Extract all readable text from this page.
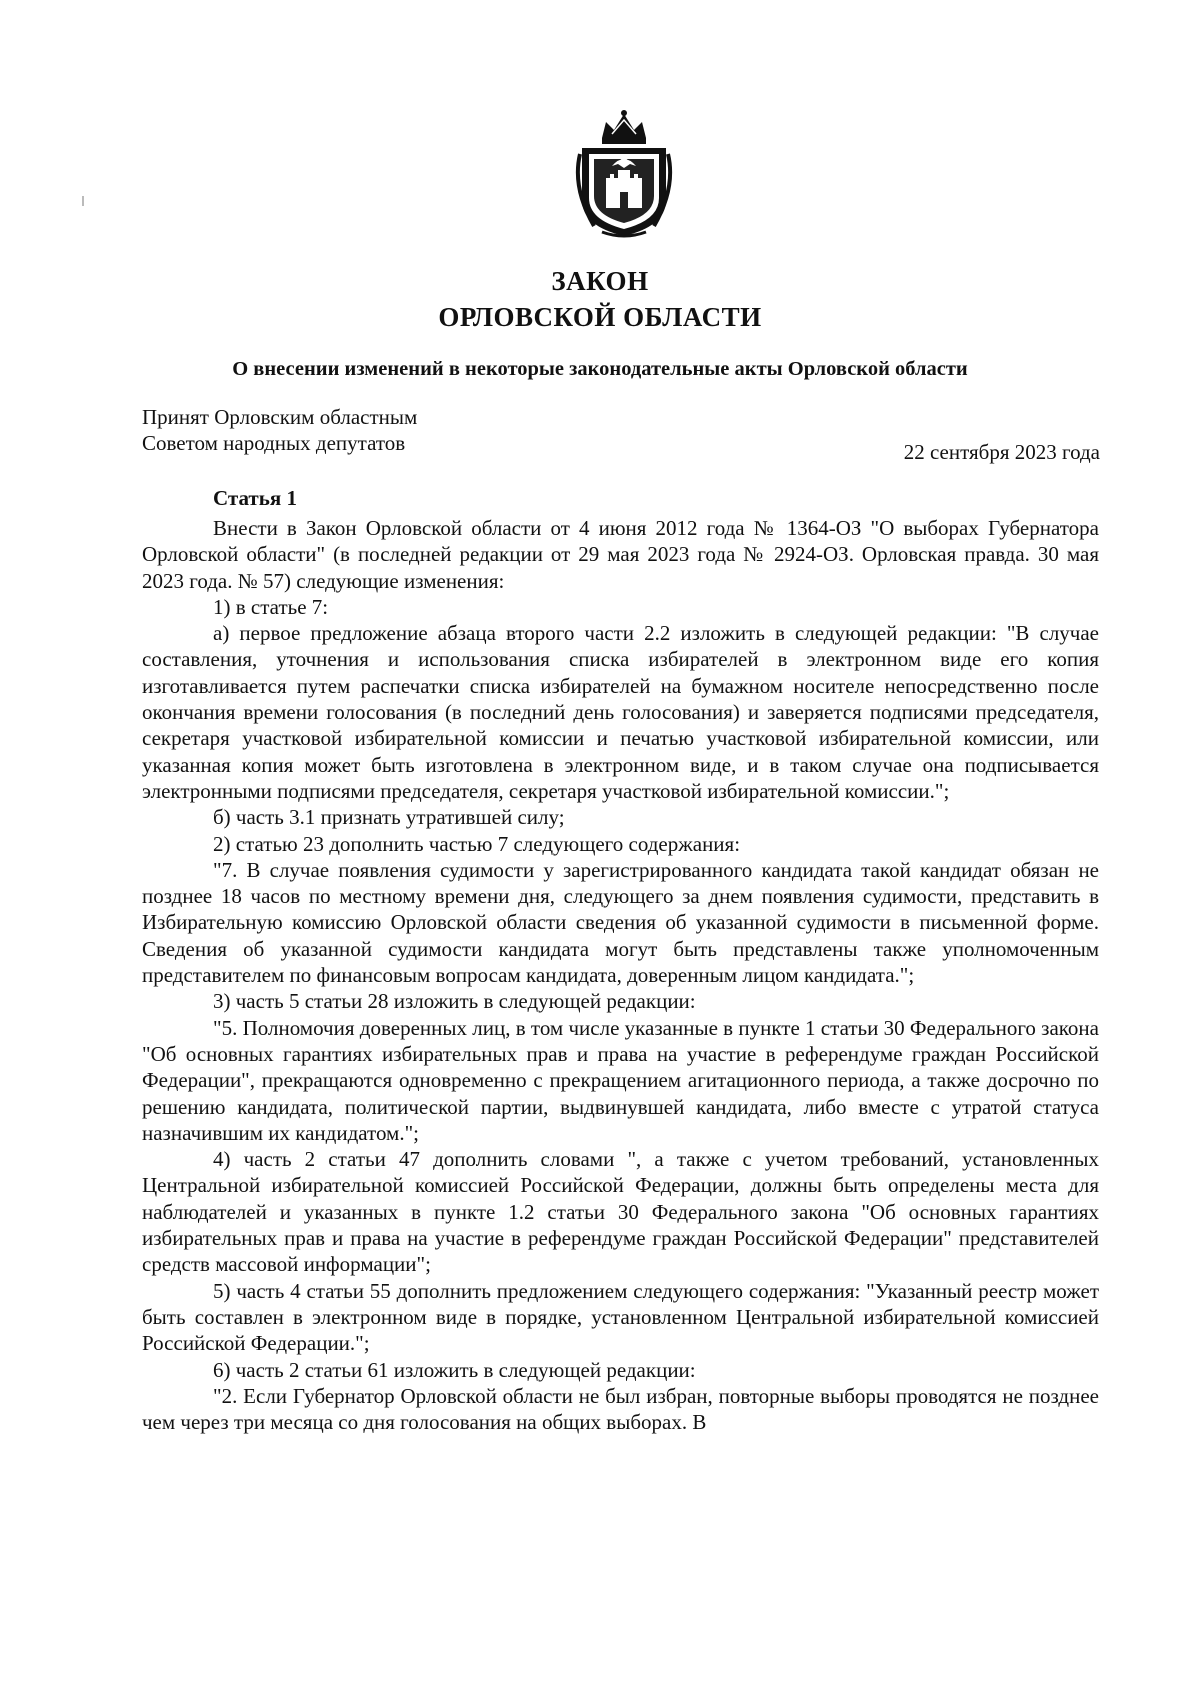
ЗАКОН
ОРЛОВСКОЙ ОБЛАСТИ
О внесении изменений в некоторые законодательные акты Орловской области
Принят Орловским областным
Советом народных депутатов	22 сентября 2023 года
Статья 1

Внести в Закон Орловской области от 4 июня 2012 года № 1364-ОЗ "О выборах Губернатора Орловской области" (в последней редакции от 29 мая 2023 года № 2924-ОЗ. Орловская правда. 30 мая 2023 года. № 57) следующие изменения:

1) в статье 7:

а) первое предложение абзаца второго части 2.2 изложить в следующей редакции: "В случае составления, уточнения и использования списка избирателей в электронном виде его копия изготавливается путем распечатки списка избирателей на бумажном носителе непосредственно после окончания времени голосования (в последний день голосования) и заверяется подписями председателя, секретаря участковой избирательной комиссии и печатью участковой избирательной комиссии, или указанная копия может быть изготовлена в электронном виде, и в таком случае она подписывается электронными подписями председателя, секретаря участковой избирательной комиссии.";

б) часть 3.1 признать утратившей силу;

2) статью 23 дополнить частью 7 следующего содержания:

"7. В случае появления судимости у зарегистрированного кандидата такой кандидат обязан не позднее 18 часов по местному времени дня, следующего за днем появления судимости, представить в Избирательную комиссию Орловской области сведения об указанной судимости в письменной форме. Сведения об указанной судимости кандидата могут быть представлены также уполномоченным представителем по финансовым вопросам кандидата, доверенным лицом кандидата.";

3) часть 5 статьи 28 изложить в следующей редакции:

"5. Полномочия доверенных лиц, в том числе указанные в пункте 1 статьи 30 Федерального закона "Об основных гарантиях избирательных прав и права на участие в референдуме граждан Российской Федерации", прекращаются одновременно с прекращением агитационного периода, а также досрочно по решению кандидата, политической партии, выдвинувшей кандидата, либо вместе с утратой статуса назначившим их кандидатом.";

4) часть 2 статьи 47 дополнить словами ", а также с учетом требований, установленных Центральной избирательной комиссией Российской Федерации, должны быть определены места для наблюдателей и указанных в пункте 1.2 статьи 30 Федерального закона "Об основных гарантиях избирательных прав и права на участие в референдуме граждан Российской Федерации" представителей средств массовой информации";

5) часть 4 статьи 55 дополнить предложением следующего содержания: "Указанный реестр может быть составлен в электронном виде в порядке, установленном Центральной избирательной комиссией Российской Федерации.";

6) часть 2 статьи 61 изложить в следующей редакции:

"2. Если Губернатор Орловской области не был избран, повторные выборы проводятся не позднее чем через три месяца со дня голосования на общих выборах. В
